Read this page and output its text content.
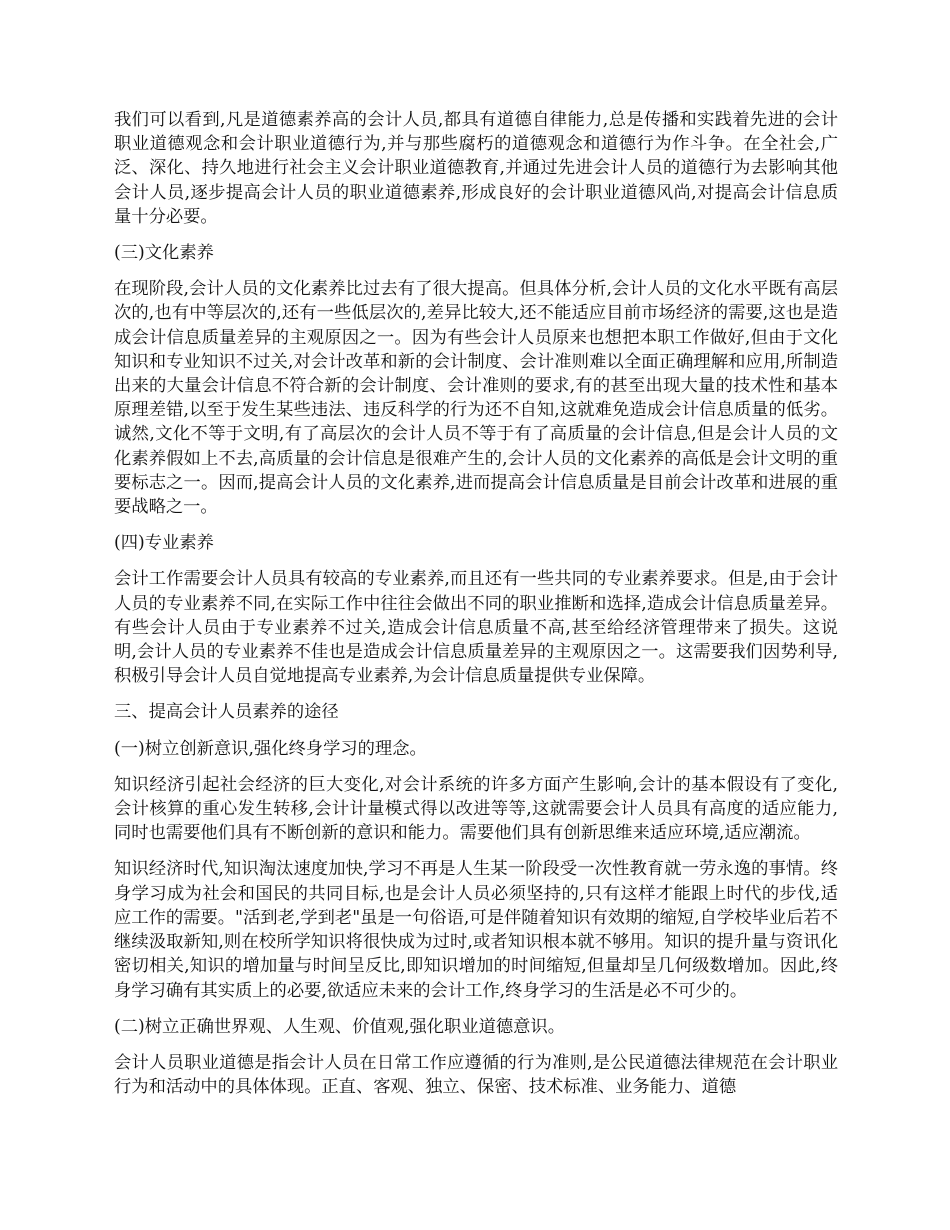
我们可以看到,凡是道德素养高的会计人员,都具有道德自律能力,总是传播和实践着先进的会计职业道德观念和会计职业道德行为,并与那些腐朽的道德观念和道德行为作斗争。在全社会,广泛、深化、持久地进行社会主义会计职业道德教育,并通过先进会计人员的道德行为去影响其他会计人员,逐步提高会计人员的职业道德素养,形成良好的会计职业道德风尚,对提高会计信息质量十分必要。

(三)文化素养

在现阶段,会计人员的文化素养比过去有了很大提高。但具体分析,会计人员的文化水平既有高层次的,也有中等层次的,还有一些低层次的,差异比较大,还不能适应目前市场经济的需要,这也是造成会计信息质量差异的主观原因之一。因为有些会计人员原来也想把本职工作做好,但由于文化知识和专业知识不过关,对会计改革和新的会计制度、会计准则难以全面正确理解和应用,所制造出来的大量会计信息不符合新的会计制度、会计准则的要求,有的甚至出现大量的技术性和基本原理差错,以至于发生某些违法、违反科学的行为还不自知,这就难免造成会计信息质量的低劣。诚然,文化不等于文明,有了高层次的会计人员不等于有了高质量的会计信息,但是会计人员的文化素养假如上不去,高质量的会计信息是很难产生的,会计人员的文化素养的高低是会计文明的重要标志之一。因而,提高会计人员的文化素养,进而提高会计信息质量是目前会计改革和进展的重要战略之一。

(四)专业素养

会计工作需要会计人员具有较高的专业素养,而且还有一些共同的专业素养要求。但是,由于会计人员的专业素养不同,在实际工作中往往会做出不同的职业推断和选择,造成会计信息质量差异。有些会计人员由于专业素养不过关,造成会计信息质量不高,甚至给经济管理带来了损失。这说明,会计人员的专业素养不佳也是造成会计信息质量差异的主观原因之一。这需要我们因势利导,积极引导会计人员自觉地提高专业素养,为会计信息质量提供专业保障。

三、提高会计人员素养的途径

(一)树立创新意识,强化终身学习的理念。

知识经济引起社会经济的巨大变化,对会计系统的许多方面产生影响,会计的基本假设有了变化,会计核算的重心发生转移,会计计量模式得以改进等等,这就需要会计人员具有高度的适应能力,同时也需要他们具有不断创新的意识和能力。需要他们具有创新思维来适应环境,适应潮流。

知识经济时代,知识淘汰速度加快,学习不再是人生某一阶段受一次性教育就一劳永逸的事情。终身学习成为社会和国民的共同目标,也是会计人员必须坚持的,只有这样才能跟上时代的步伐,适应工作的需要。"活到老,学到老"虽是一句俗语,可是伴随着知识有效期的缩短,自学校毕业后若不继续汲取新知,则在校所学知识将很快成为过时,或者知识根本就不够用。知识的提升量与资讯化密切相关,知识的增加量与时间呈反比,即知识增加的时间缩短,但量却呈几何级数增加。因此,终身学习确有其实质上的必要,欲适应未来的会计工作,终身学习的生活是必不可少的。

(二)树立正确世界观、人生观、价值观,强化职业道德意识。

会计人员职业道德是指会计人员在日常工作应遵循的行为准则,是公民道德法律规范在会计职业行为和活动中的具体体现。正直、客观、独立、保密、技术标准、业务能力、道德
